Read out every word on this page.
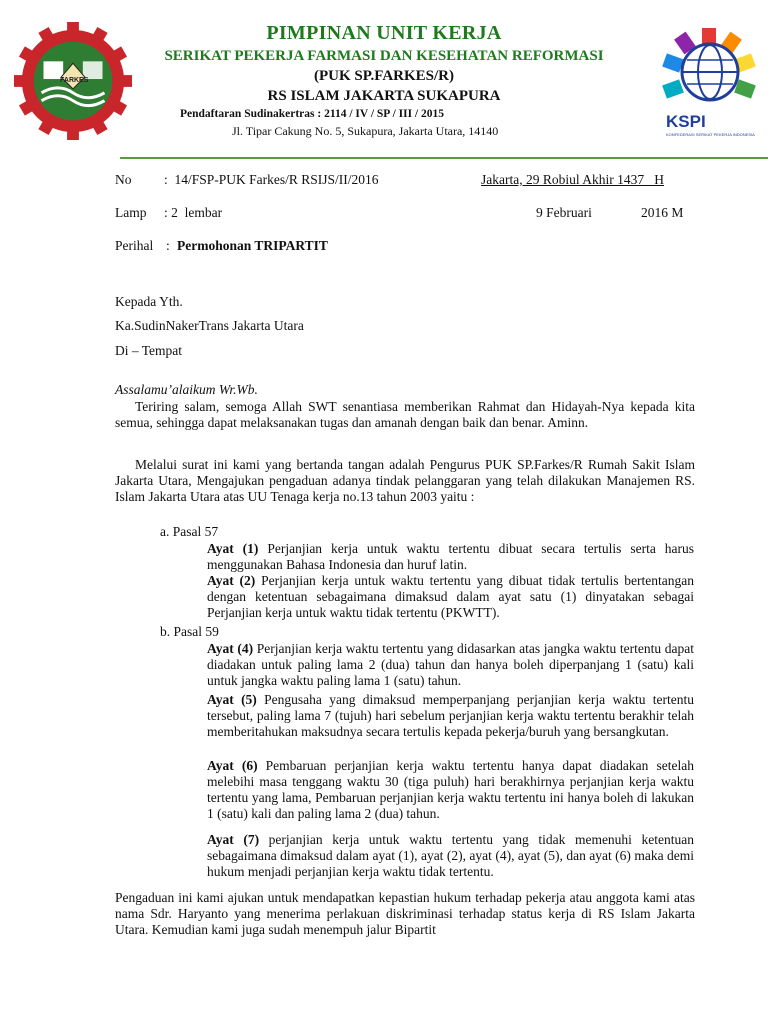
FARKES
PIMPINAN UNIT KERJA
SERIKAT PEKERJA FARMASI DAN KESEHATAN REFORMASI
(PUK SP.FARKES/R)
RS ISLAM JAKARTA SUKAPURA
Pendaftaran Sudinakertras : 2114 / IV / SP / III / 2015
Jl. Tipar Cakung No. 5, Sukapura, Jakarta Utara, 14140	KSPI
KONFEDERASI SERIKAT PEKERJA INDONESIA
No :  14/FSP-PUK Farkes/R RSIJS/II/2016	Jakarta, 29 Robiul Akhir 1437   H
Lamp : 2  lembar	9 Februari	2016 M
Perihal : Permohonan TRIPARTIT
Kepada Yth.
Ka.SudinNakerTrans Jakarta Utara
Di – Tempat
Assalamu’alaikum Wr.Wb.

Teriring salam, semoga Allah SWT senantiasa memberikan Rahmat dan Hidayah-Nya kepada kita semua, sehingga dapat melaksanakan tugas dan amanah dengan baik dan benar. Aminn.

Melalui surat ini kami yang bertanda tangan adalah Pengurus PUK SP.Farkes/R Rumah Sakit Islam Jakarta Utara, Mengajukan pengaduan adanya tindak pelanggaran yang telah dilakukan Manajemen RS. Islam Jakarta Utara atas UU Tenaga kerja no.13 tahun 2003 yaitu :

a. Pasal 57
Ayat (1) Perjanjian kerja untuk waktu tertentu dibuat secara tertulis serta harus menggunakan Bahasa Indonesia dan huruf latin.
Ayat (2) Perjanjian kerja untuk waktu tertentu yang dibuat tidak tertulis bertentangan dengan ketentuan sebagaimana dimaksud dalam ayat satu (1) dinyatakan sebagai Perjanjian kerja untuk waktu tidak tertentu (PKWTT).
b. Pasal 59
Ayat (4) Perjanjian kerja waktu tertentu yang didasarkan atas jangka waktu tertentu dapat diadakan untuk paling lama 2 (dua) tahun dan hanya boleh diperpanjang 1 (satu) kali untuk jangka waktu paling lama 1 (satu) tahun.
Ayat (5) Pengusaha yang dimaksud memperpanjang perjanjian kerja waktu tertentu tersebut, paling lama 7 (tujuh) hari sebelum perjanjian kerja waktu tertentu berakhir telah memberitahukan maksudnya secara tertulis kepada pekerja/buruh yang bersangkutan.
Ayat (6) Pembaruan perjanjian kerja waktu tertentu hanya dapat diadakan setelah melebihi masa tenggang waktu 30 (tiga puluh) hari berakhirnya perjanjian kerja waktu tertentu yang lama, Pembaruan perjanjian kerja waktu tertentu ini hanya boleh di lakukan 1 (satu) kali dan paling lama 2 (dua) tahun.
Ayat (7) perjanjian kerja untuk waktu tertentu yang tidak memenuhi ketentuan sebagaimana dimaksud dalam ayat (1), ayat (2), ayat (4), ayat (5), dan ayat (6) maka demi hukum menjadi perjanjian kerja waktu tidak tertentu.

Pengaduan ini kami ajukan untuk mendapatkan kepastian hukum terhadap pekerja atau anggota kami atas nama Sdr. Haryanto yang menerima perlakuan diskriminasi terhadap status kerja di RS Islam Jakarta Utara. Kemudian kami juga sudah menempuh jalur Bipartit
